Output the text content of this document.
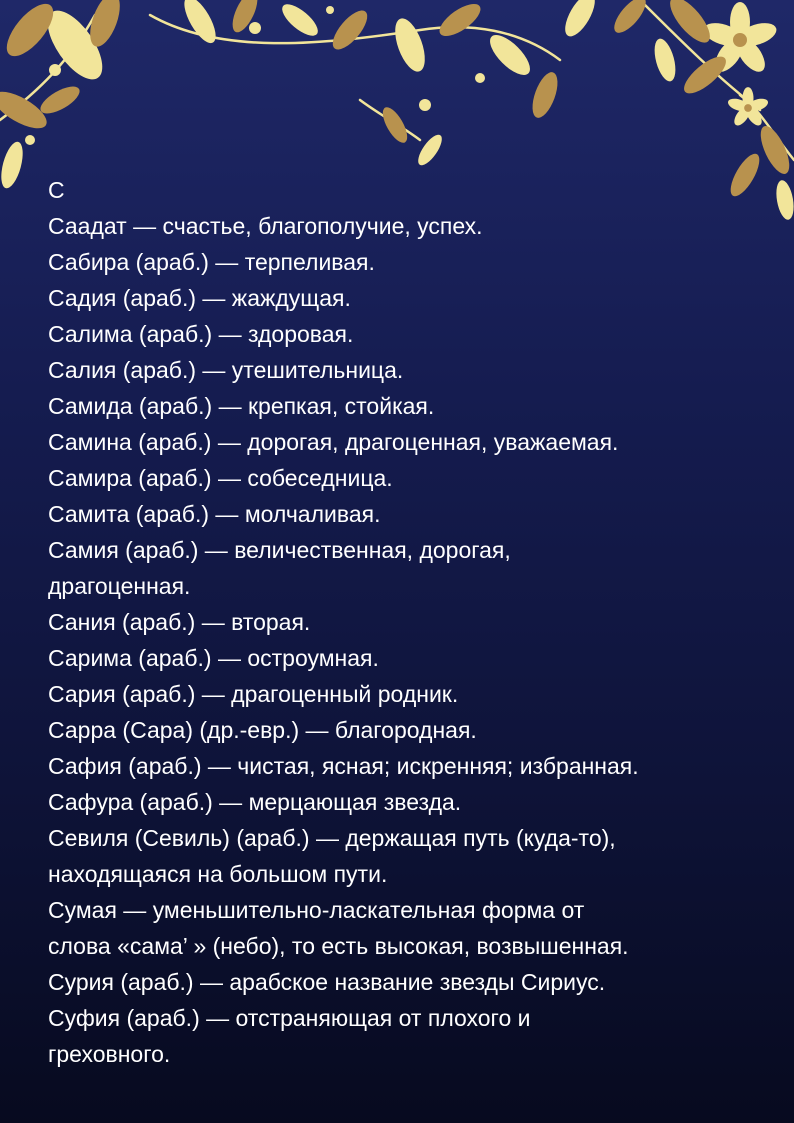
С
Саадат — счастье, благополучие, успех.
Сабира (араб.) — терпеливая.
Садия (араб.) — жаждущая.
Салима (араб.) — здоровая.
Салия (араб.) — утешительница.
Самида (араб.) — крепкая, стойкая.
Самина (араб.) — дорогая, драгоценная, уважаемая.
Самира (араб.) — собеседница.
Самита (араб.) — молчаливая.
Самия (араб.) — величественная, дорогая,
драгоценная.
Сания (араб.) — вторая.
Сарима (араб.) — остроумная.
Сария (араб.) — драгоценный родник.
Сарра (Сара) (др.-евр.) — благородная.
Сафия (араб.) — чистая, ясная; искренняя; избранная.
Сафура (араб.) — мерцающая звезда.
Севиля (Севиль) (араб.) — держащая путь (куда-то),
находящаяся на большом пути.
Сумая — уменьшительно-ласкательная форма от
слова «сама’ » (небо), то есть высокая, возвышенная.
Сурия (араб.) — арабское название звезды Сириус.
Суфия (араб.) — отстраняющая от плохого и
греховного.
